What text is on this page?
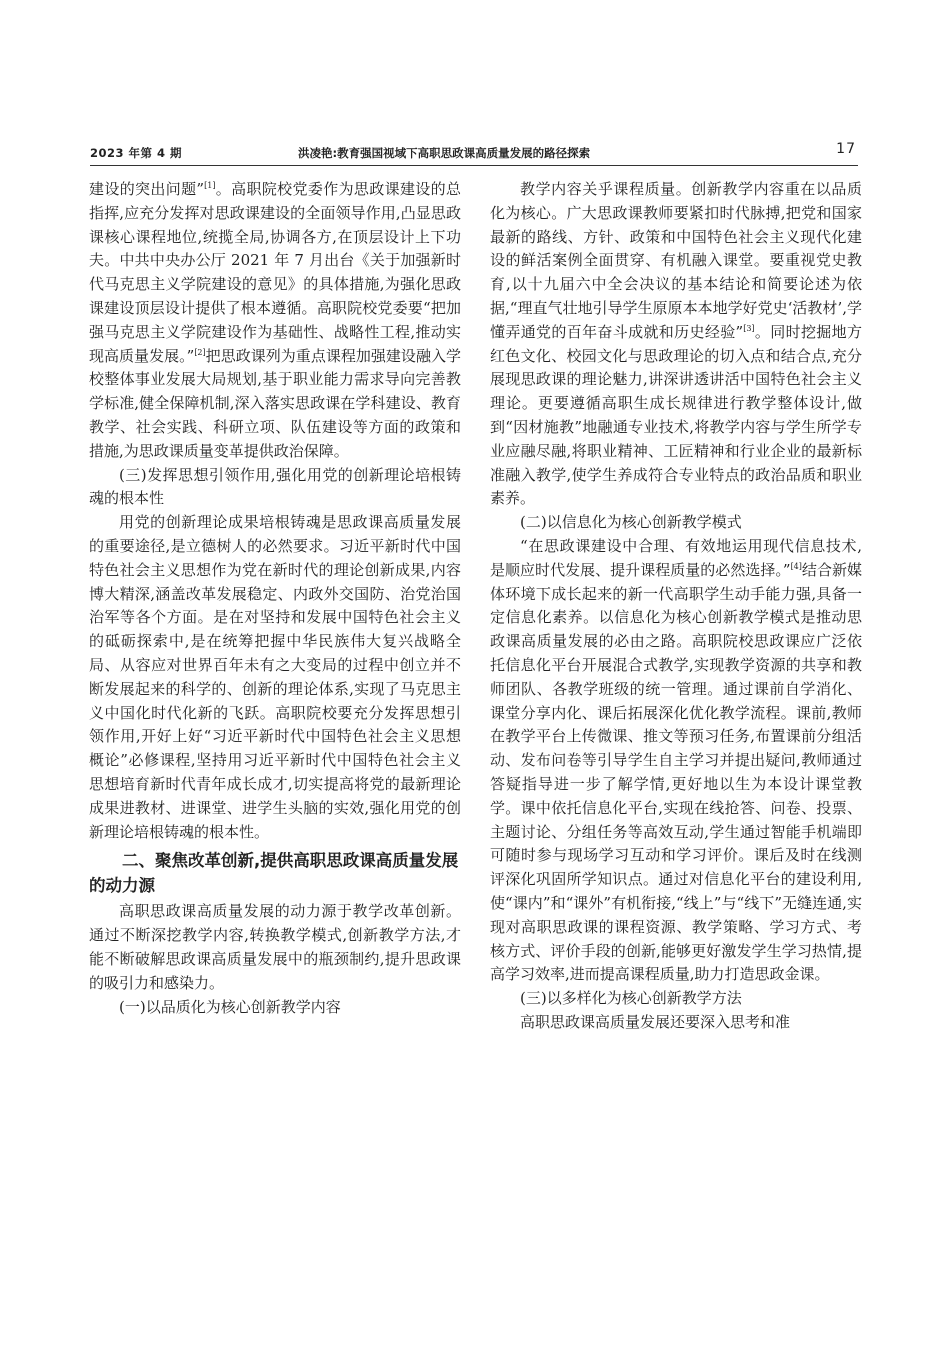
2023 年第 4 期	洪凌艳:教育强国视域下高职思政课高质量发展的路径探索	17

建设的突出问题”[1]。高职院校党委作为思政课建设的总指挥,应充分发挥对思政课建设的全面领导作用,凸显思政课核心课程地位,统揽全局,协调各方,在顶层设计上下功夫。中共中央办公厅 2021 年 7 月出台《关于加强新时代马克思主义学院建设的意见》的具体措施,为强化思政课建设顶层设计提供了根本遵循。高职院校党委要“把加强马克思主义学院建设作为基础性、战略性工程,推动实现高质量发展。”[2]把思政课列为重点课程加强建设融入学校整体事业发展大局规划,基于职业能力需求导向完善教学标准,健全保障机制,深入落实思政课在学科建设、教育教学、社会实践、科研立项、队伍建设等方面的政策和措施,为思政课质量变革提供政治保障。

(三)发挥思想引领作用,强化用党的创新理论培根铸魂的根本性

用党的创新理论成果培根铸魂是思政课高质量发展的重要途径,是立德树人的必然要求。习近平新时代中国特色社会主义思想作为党在新时代的理论创新成果,内容博大精深,涵盖改革发展稳定、内政外交国防、治党治国治军等各个方面。是在对坚持和发展中国特色社会主义的砥砺探索中,是在统筹把握中华民族伟大复兴战略全局、从容应对世界百年未有之大变局的过程中创立并不断发展起来的科学的、创新的理论体系,实现了马克思主义中国化时代化新的飞跃。高职院校要充分发挥思想引领作用,开好上好“习近平新时代中国特色社会主义思想概论”必修课程,坚持用习近平新时代中国特色社会主义思想培育新时代青年成长成才,切实提高将党的最新理论成果进教材、进课堂、进学生头脑的实效,强化用党的创新理论培根铸魂的根本性。

二、聚焦改革创新,提供高职思政课高质量发展的动力源

高职思政课高质量发展的动力源于教学改革创新。通过不断深挖教学内容,转换教学模式,创新教学方法,才能不断破解思政课高质量发展中的瓶颈制约,提升思政课的吸引力和感染力。

(一)以品质化为核心创新教学内容

教学内容关乎课程质量。创新教学内容重在以品质化为核心。广大思政课教师要紧扣时代脉搏,把党和国家最新的路线、方针、政策和中国特色社会主义现代化建设的鲜活案例全面贯穿、有机融入课堂。要重视党史教育,以十九届六中全会决议的基本结论和简要论述为依据,“理直气壮地引导学生原原本本地学好党史‘活教材’,学懂弄通党的百年奋斗成就和历史经验”[3]。同时挖掘地方红色文化、校园文化与思政理论的切入点和结合点,充分展现思政课的理论魅力,讲深讲透讲活中国特色社会主义理论。更要遵循高职生成长规律进行教学整体设计,做到“因材施教”地融通专业技术,将教学内容与学生所学专业应融尽融,将职业精神、工匠精神和行业企业的最新标准融入教学,使学生养成符合专业特点的政治品质和职业素养。

(二)以信息化为核心创新教学模式

“在思政课建设中合理、有效地运用现代信息技术,是顺应时代发展、提升课程质量的必然选择。”[4]结合新媒体环境下成长起来的新一代高职学生动手能力强,具备一定信息化素养。以信息化为核心创新教学模式是推动思政课高质量发展的必由之路。高职院校思政课应广泛依托信息化平台开展混合式教学,实现教学资源的共享和教师团队、各教学班级的统一管理。通过课前自学消化、课堂分享内化、课后拓展深化优化教学流程。课前,教师在教学平台上传微课、推文等预习任务,布置课前分组活动、发布问卷等引导学生自主学习并提出疑问,教师通过答疑指导进一步了解学情,更好地以生为本设计课堂教学。课中依托信息化平台,实现在线抢答、问卷、投票、主题讨论、分组任务等高效互动,学生通过智能手机端即可随时参与现场学习互动和学习评价。课后及时在线测评深化巩固所学知识点。通过对信息化平台的建设利用,使“课内”和“课外”有机衔接,“线上”与“线下”无缝连通,实现对高职思政课的课程资源、教学策略、学习方式、考核方式、评价手段的创新,能够更好激发学生学习热情,提高学习效率,进而提高课程质量,助力打造思政金课。

(三)以多样化为核心创新教学方法

高职思政课高质量发展还要深入思考和准
